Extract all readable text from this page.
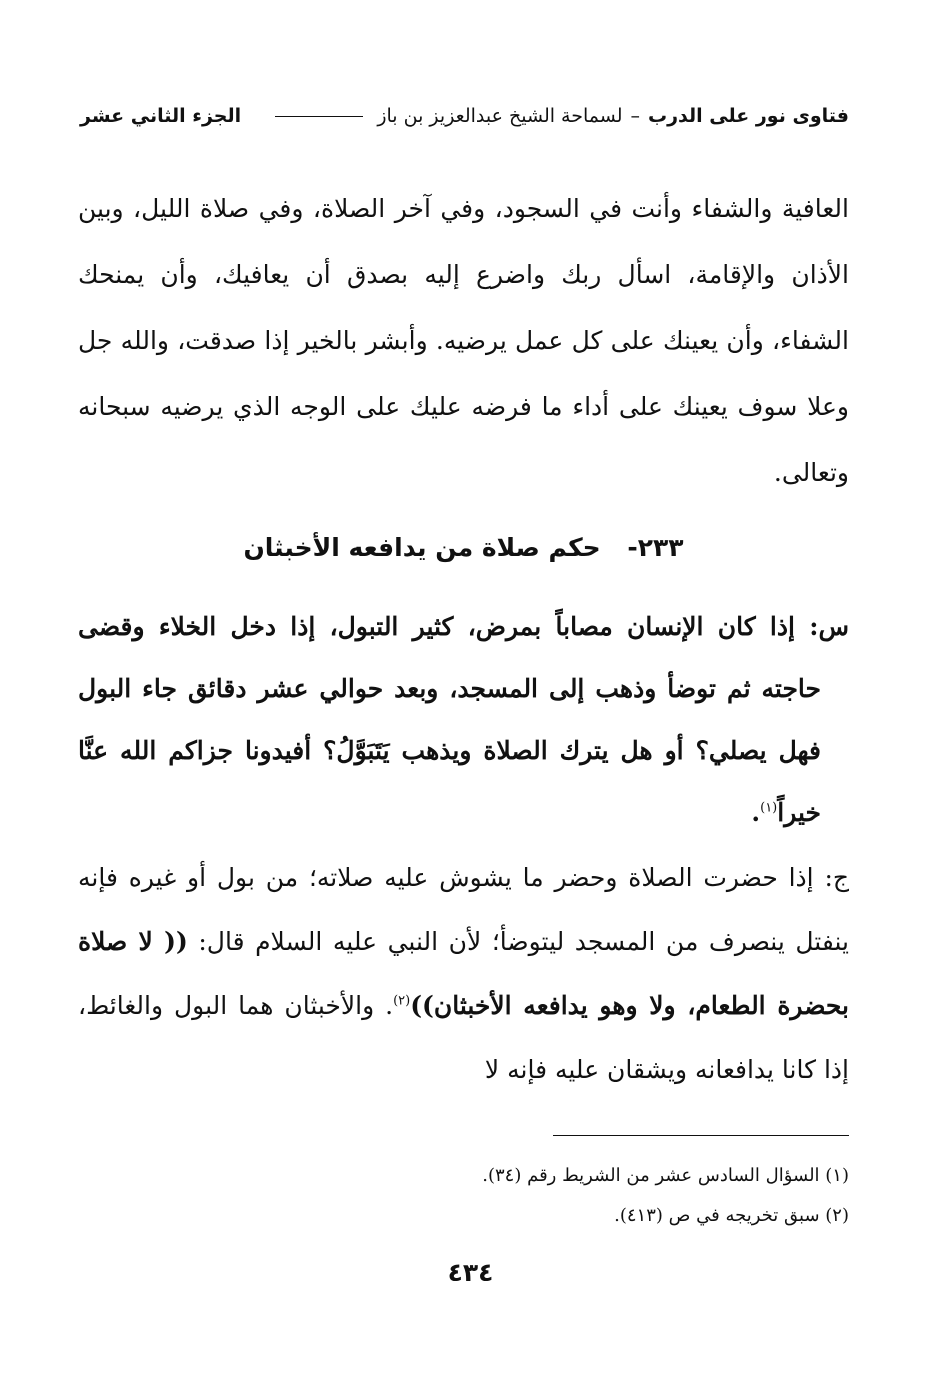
فتاوى نور على الدرب
–
لسماحة الشيخ عبدالعزيز بن باز
الجزء الثاني عشر

العافية والشفاء وأنت في السجود، وفي آخر الصلاة، وفي صلاة الليل، وبين الأذان والإقامة، اسأل ربك واضرع إليه بصدق أن يعافيك، وأن يمنحك الشفاء، وأن يعينك على كل عمل يرضيه. وأبشر بالخير إذا صدقت، والله جل وعلا سوف يعينك على أداء ما فرضه عليك على الوجه الذي يرضيه سبحانه وتعالى.

٢٣٣- حكم صلاة من يدافعه الأخبثان

س: إذا كان الإنسان مصاباً بمرض، كثير التبول، إذا دخل الخلاء وقضى حاجته ثم توضأ وذهب إلى المسجد، وبعد حوالي عشر دقائق جاء البول فهل يصلي؟ أو هل يترك الصلاة ويذهب يَتَبَوَّلُ؟ أفيدونا جزاكم الله عنَّا خيراً$^{(١)}$.

ج: إذا حضرت الصلاة وحضر ما يشوش عليه صلاته؛ من بول أو غيره فإنه ينفتل ينصرف من المسجد ليتوضأ؛ لأن النبي عليه السلام قال: (( لا صلاة بحضرة الطعام، ولا وهو يدافعه الأخبثان))$^{(٢)}$. والأخبثان هما البول والغائط، إذا كانا يدافعانه ويشقان عليه فإنه لا

(١) السؤال السادس عشر من الشريط رقم (٣٤).

(٢) سبق تخريجه في ص (٤١٣).

٤٣٤
